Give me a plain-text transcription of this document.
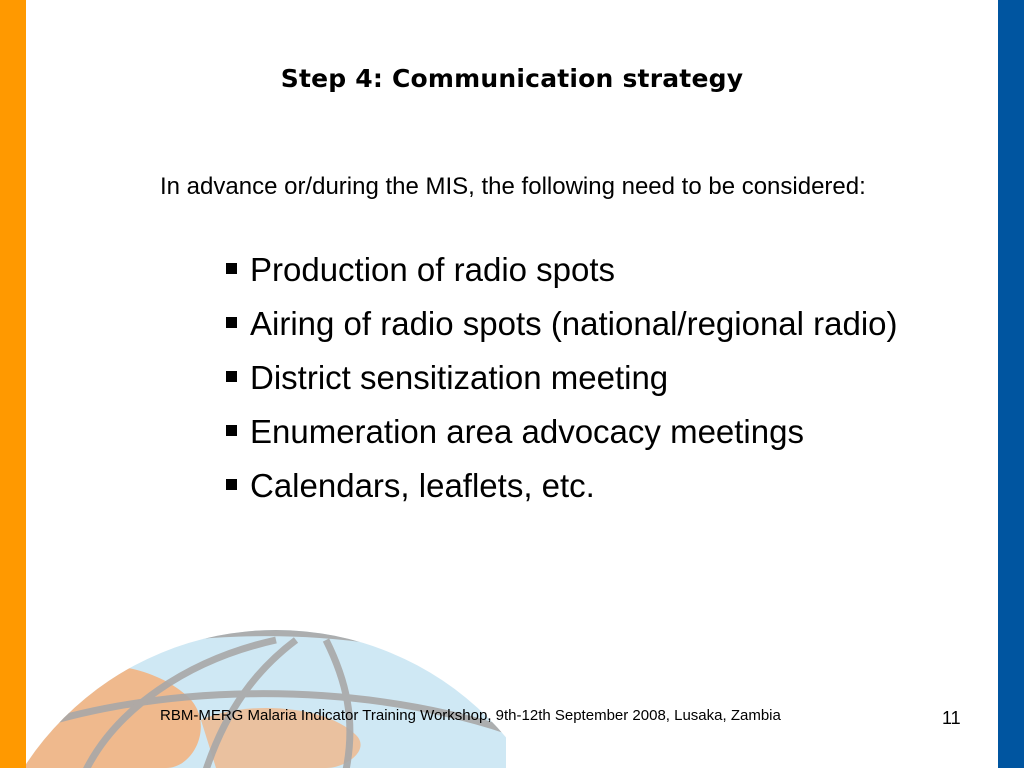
Step 4: Communication strategy
In advance or/during the MIS, the following need to be considered:
Production of radio spots
Airing of radio spots (national/regional radio)
District sensitization meeting
Enumeration area advocacy meetings
Calendars, leaflets, etc.
RBM-MERG Malaria Indicator Training Workshop, 9th-12th September 2008, Lusaka, Zambia	11
